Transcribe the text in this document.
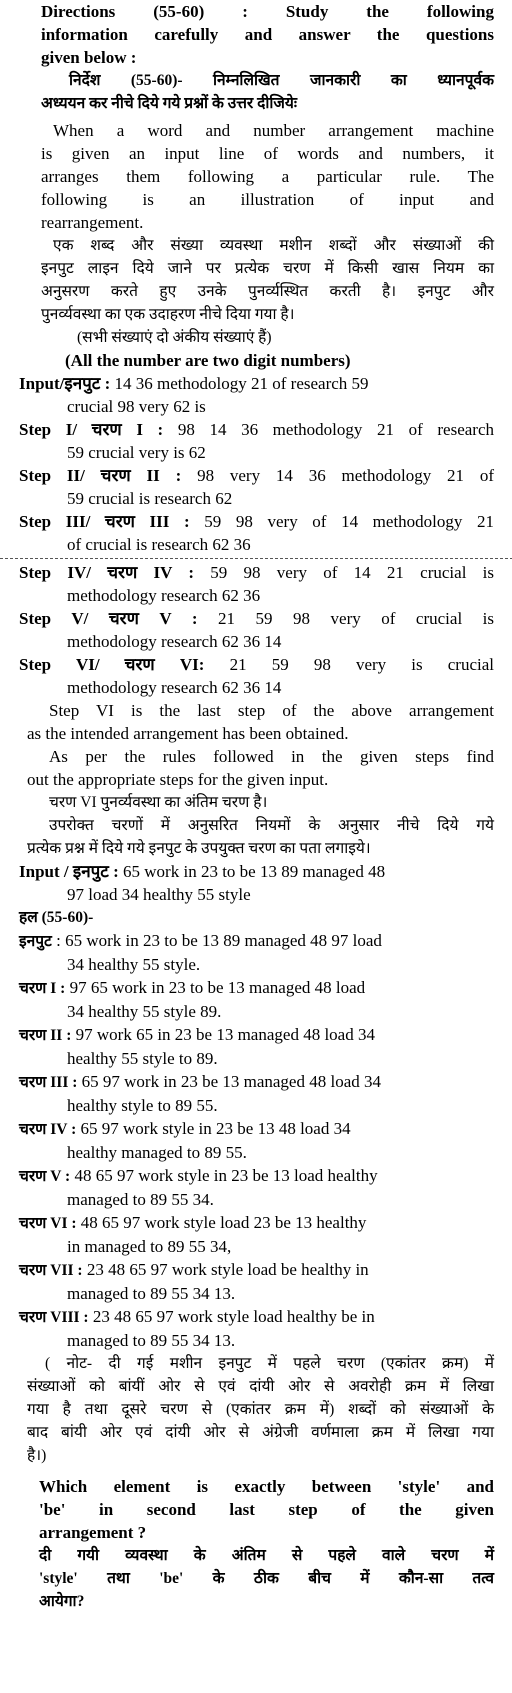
Directions (55-60) : Study the following

information carefully and answer the questions

given below :

निर्देश (55-60)- निम्नलिखित जानकारी का ध्यानपूर्वक

अध्ययन कर नीचे दिये गये प्रश्नों के उत्तर दीजियेः

When a word and number arrangement machine

is given an input line of words and numbers, it

arranges them following a particular rule. The

following is an illustration of input and

rearrangement.

एक शब्द और संख्या व्यवस्था मशीन शब्दों और संख्याओं की

इनपुट लाइन दिये जाने पर प्रत्येक चरण में किसी खास नियम का

अनुसरण करते हुए उनके पुनर्व्यस्थित करती है। इनपुट और

पुनर्व्यवस्था का एक उदाहरण नीचे दिया गया है।

(सभी संख्याएं दो अंकीय संख्याएं हैं)

(All the number are two digit numbers)

Input/इनपुट : 14 36 methodology 21 of research 59

crucial 98 very 62 is

Step I/ चरण I : 98 14 36 methodology 21 of research

59 crucial very is 62

Step II/ चरण II : 98 very 14 36 methodology 21 of

59 crucial is research 62

Step III/ चरण III : 59 98 very of 14 methodology 21

of crucial is research 62 36

Step IV/ चरण IV : 59 98 very of 14 21 crucial is

methodology research 62 36

Step V/ चरण V : 21 59 98 very of crucial is

methodology research 62 36 14

Step VI/ चरण VI: 21 59 98 very is crucial

methodology research 62 36 14

Step VI is the last step of the above arrangement

as the intended arrangement has been obtained.

As per the rules followed in the given steps find

out the appropriate steps for the given input.

चरण VI पुनर्व्यवस्था का अंतिम चरण है।

उपरोक्त चरणों में अनुसरित नियमों के अनुसार नीचे दिये गये

प्रत्येक प्रश्न में दिये गये इनपुट के उपयुक्त चरण का पता लगाइये।

Input / इनपुट : 65 work in 23 to be 13 89 managed 48

97 load 34 healthy 55 style

हल (55-60)-

इनपुट : 65 work in 23 to be 13 89 managed 48 97 load

34 healthy 55 style.

चरण I : 97 65 work in 23 to be 13 managed 48 load

34 healthy 55 style 89.

चरण II : 97 work 65 in 23 be 13 managed 48 load 34

healthy 55 style to 89.

चरण III : 65 97 work in 23 be 13 managed 48 load 34

healthy style to 89 55.

चरण IV : 65 97 work style in 23 be 13 48 load 34

healthy managed to 89 55.

चरण V : 48 65 97 work style in 23 be 13 load healthy

managed to 89 55 34.

चरण VI : 48 65 97 work style load 23 be 13 healthy

in managed to 89 55 34,

चरण VII : 23 48 65 97 work style load be healthy in

managed to 89 55 34 13.

चरण VIII : 23 48 65 97 work style load healthy be in

managed to 89 55 34 13.

( नोट- दी गई मशीन इनपुट में पहले चरण (एकांतर क्रम) में

संख्याओं को बांयीं ओर से एवं दांयी ओर से अवरोही क्रम में लिखा

गया है तथा दूसरे चरण से (एकांतर क्रम में) शब्दों को संख्याओं के

बाद बांयी ओर एवं दांयी ओर से अंग्रेजी वर्णमाला क्रम में लिखा गया

है।)

Which element is exactly between 'style' and

'be' in second last step of the given

arrangement ?

दी गयी व्यवस्था के अंतिम से पहले वाले चरण में

'style' तथा 'be' के ठीक बीच में कौन-सा तत्व

आयेगा?
